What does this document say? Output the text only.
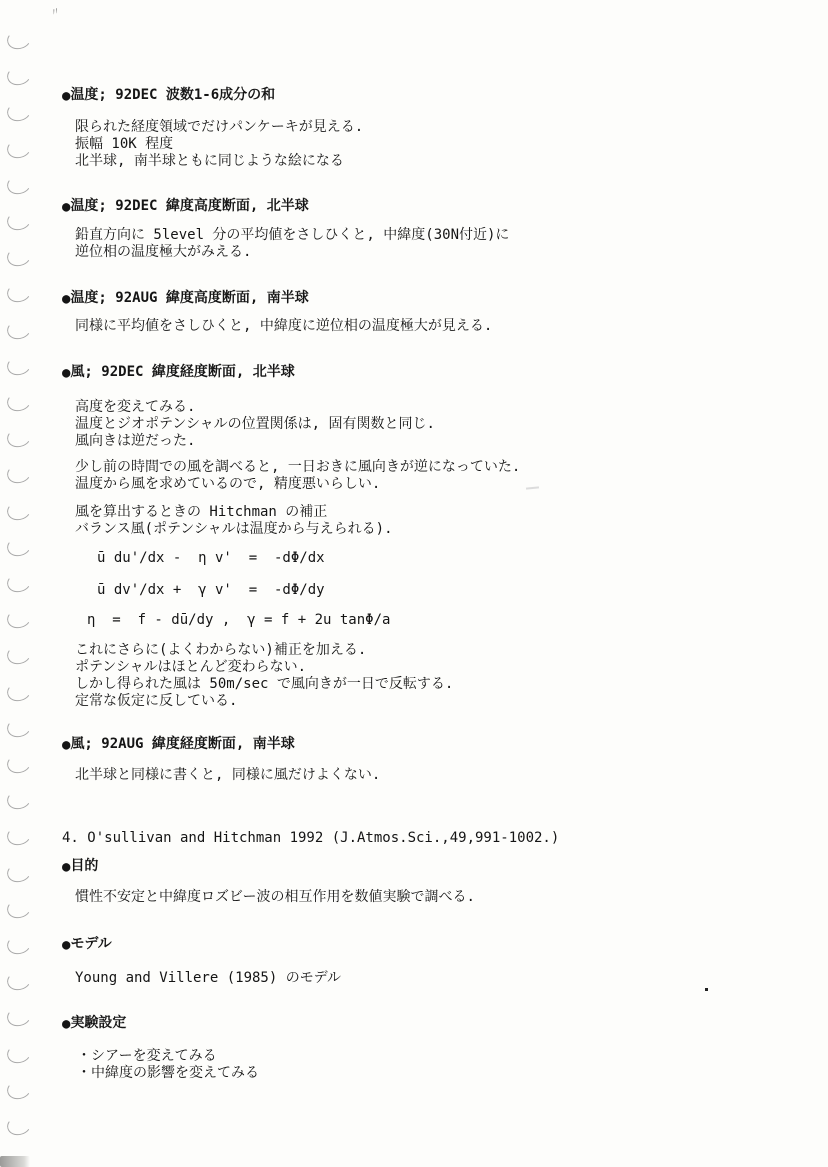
〃
●温度; 92DEC 波数1-6成分の和
限られた経度領域でだけパンケーキが見える.
振幅 10K 程度
北半球, 南半球ともに同じような絵になる
●温度; 92DEC 緯度高度断面, 北半球
鉛直方向に 5level 分の平均値をさしひくと, 中緯度(30N付近)に
逆位相の温度極大がみえる.
●温度; 92AUG 緯度高度断面, 南半球
同様に平均値をさしひくと, 中緯度に逆位相の温度極大が見える.
●風; 92DEC 緯度経度断面, 北半球
高度を変えてみる.
温度とジオポテンシャルの位置関係は, 固有関数と同じ.
風向きは逆だった.
少し前の時間での風を調べると, 一日おきに風向きが逆になっていた.
温度から風を求めているので, 精度悪いらしい.
風を算出するときの Hitchman の補正
バランス風(ポテンシャルは温度から与えられる).
ū du'/dx -  η v'  =  -dΦ/dx
ū dv'/dx +  γ v'  =  -dΦ/dy
η  =  f - dū/dy ,  γ = f + 2u tanΦ/a
これにさらに(よくわからない)補正を加える.
ポテンシャルはほとんど変わらない.
しかし得られた風は 50m/sec で風向きが一日で反転する.
定常な仮定に反している.
●風; 92AUG 緯度経度断面, 南半球
北半球と同様に書くと, 同様に風だけよくない.
4. O'sullivan and Hitchman 1992 (J.Atmos.Sci.,49,991-1002.)
●目的
慣性不安定と中緯度ロズビー波の相互作用を数値実験で調べる.
●モデル
Young and Villere (1985) のモデル
●実験設定
・シアーを変えてみる
・中緯度の影響を変えてみる
